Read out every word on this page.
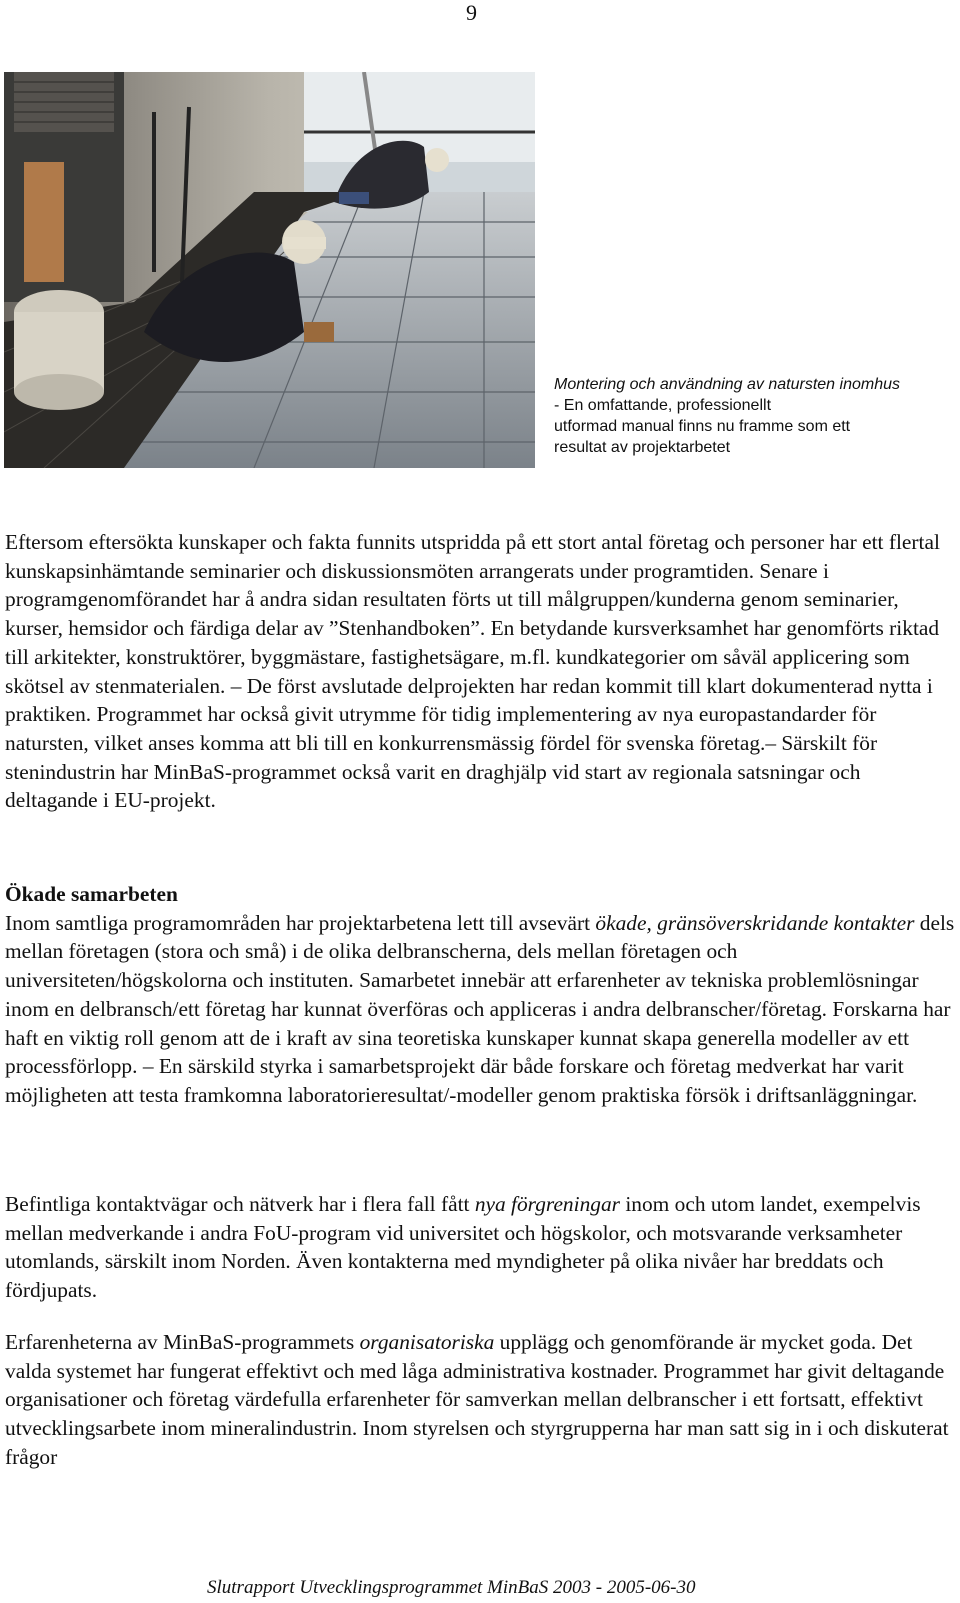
9

Montering och användning av natursten inomhus

- En omfattande, professionellt

utformad manual finns nu framme som ett

resultat av projektarbetet

Eftersom eftersökta kunskaper och fakta funnits utspridda på ett stort antal företag och personer har ett flertal kunskapsinhämtande seminarier och diskussionsmöten arrangerats under programtiden. Senare i programgenomförandet har å andra sidan resultaten förts ut till målgruppen/kunderna genom seminarier, kurser, hemsidor och färdiga delar av ”Stenhandboken”. En betydande kursverksamhet har genomförts riktad till arkitekter, konstruktörer, byggmästare, fastighetsägare, m.fl. kundkategorier om såväl applicering som skötsel av stenmaterialen. – De först avslutade delprojekten har redan kommit till klart dokumenterad nytta i praktiken. Programmet har också givit utrymme för tidig implementering av nya europastandarder för natursten, vilket anses komma att bli till en konkurrensmässig fördel för svenska företag.– Särskilt för stenindustrin har MinBaS-programmet också varit en draghjälp vid start av regionala satsningar och deltagande i EU-projekt.

Ökade samarbeten

Inom samtliga programområden har projektarbetena lett till avsevärt ökade, gränsöverskridande kontakter dels mellan företagen (stora och små) i de olika delbranscherna, dels mellan företagen och universiteten/högskolorna och instituten. Samarbetet innebär att erfarenheter av tekniska problemlösningar inom en delbransch/ett företag har kunnat överföras och appliceras i andra delbranscher/företag. Forskarna har haft en viktig roll genom att de i kraft av sina teoretiska kunskaper kunnat skapa generella modeller av ett processförlopp. – En särskild styrka i samarbetsprojekt där både forskare och företag medverkat har varit möjligheten att testa framkomna laboratorieresultat/-modeller genom praktiska försök i driftsanläggningar.

Befintliga kontaktvägar och nätverk har i flera fall fått nya förgreningar inom och utom landet, exempelvis mellan medverkande i andra FoU-program vid universitet och högskolor, och motsvarande verksamheter utomlands, särskilt inom Norden. Även kontakterna med myndigheter på olika nivåer har breddats och fördjupats.

Erfarenheterna av MinBaS-programmets organisatoriska upplägg och genomförande är mycket goda. Det valda systemet har fungerat effektivt och med låga administrativa kostnader. Programmet har givit deltagande organisationer och företag värdefulla erfarenheter för samverkan mellan delbranscher i ett fortsatt, effektivt utvecklingsarbete inom mineralindustrin. Inom styrelsen och styrgrupperna har man satt sig in i och diskuterat frågor

Slutrapport Utvecklingsprogrammet MinBaS 2003 - 2005-06-30
